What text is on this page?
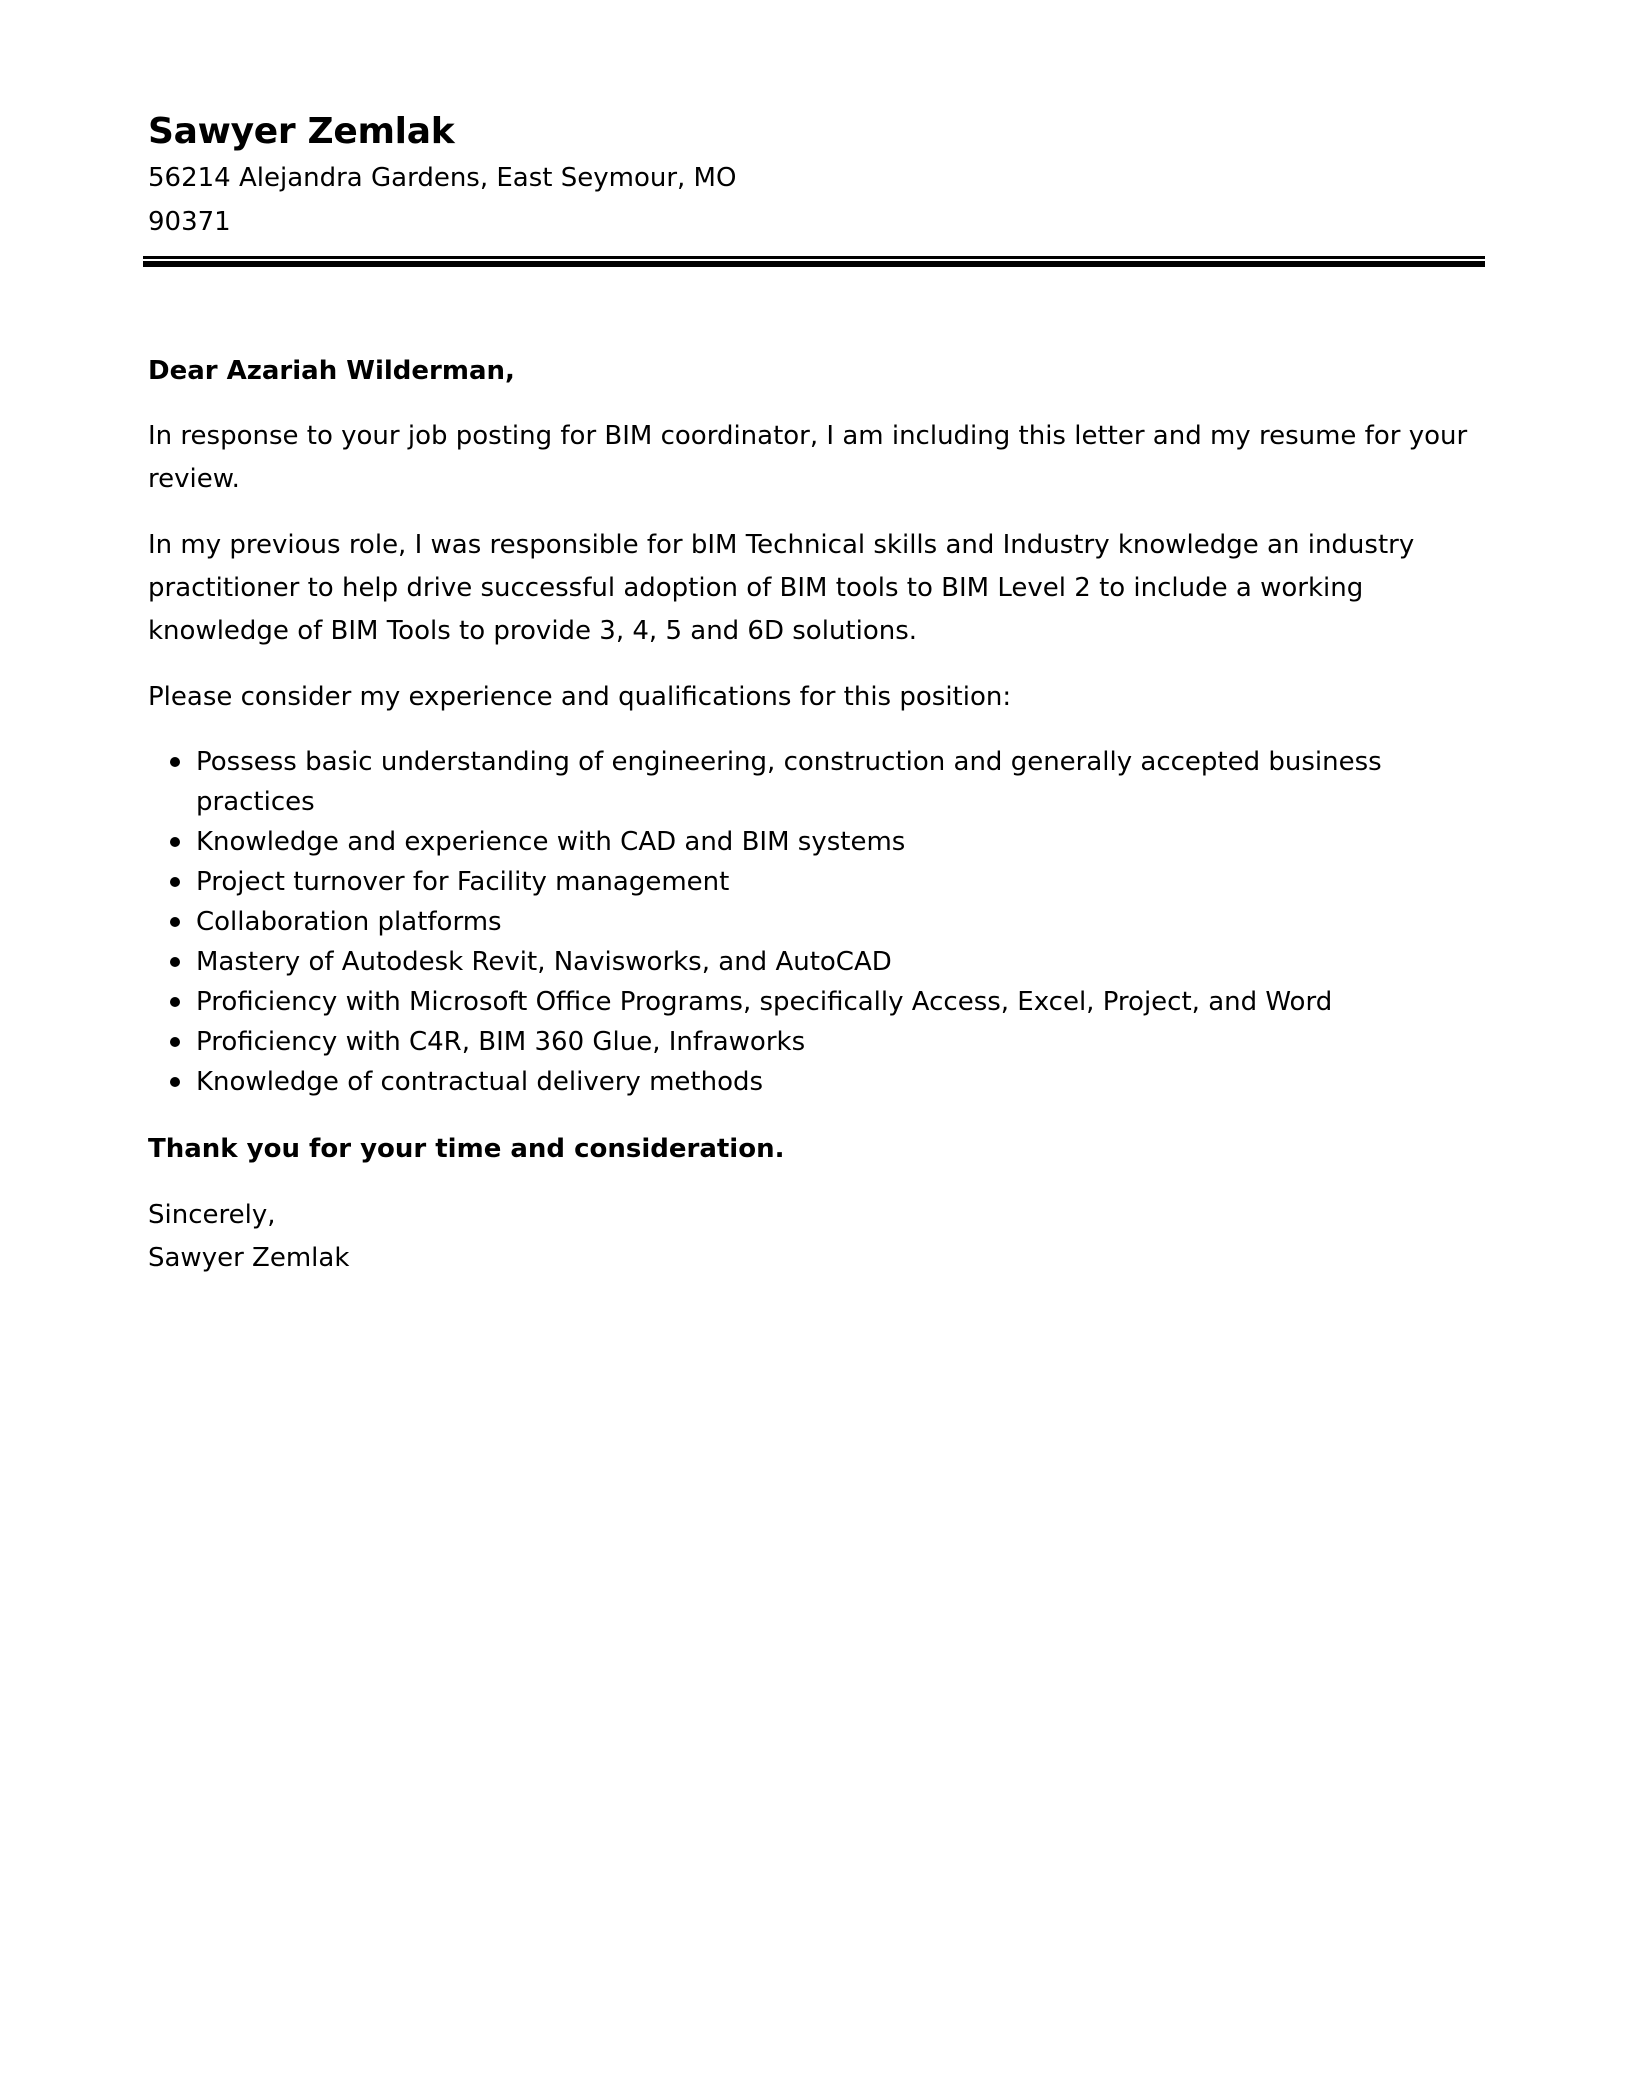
Sawyer Zemlak

56214 Alejandra Gardens, East Seymour, MO 90371

Dear Azariah Wilderman,

In response to your job posting for BIM coordinator, I am including this letter and my resume for your review.

In my previous role, I was responsible for bIM Technical skills and Industry knowledge an industry practitioner to help drive successful adoption of BIM tools to BIM Level 2 to include a working knowledge of BIM Tools to provide 3, 4, 5 and 6D solutions.

Please consider my experience and qualifications for this position:

Possess basic understanding of engineering, construction and generally accepted business practices
Knowledge and experience with CAD and BIM systems
Project turnover for Facility management
Collaboration platforms
Mastery of Autodesk Revit, Navisworks, and AutoCAD
Proficiency with Microsoft Office Programs, specifically Access, Excel, Project, and Word
Proficiency with C4R, BIM 360 Glue, Infraworks
Knowledge of contractual delivery methods

Thank you for your time and consideration.

Sincerely,

Sawyer Zemlak
